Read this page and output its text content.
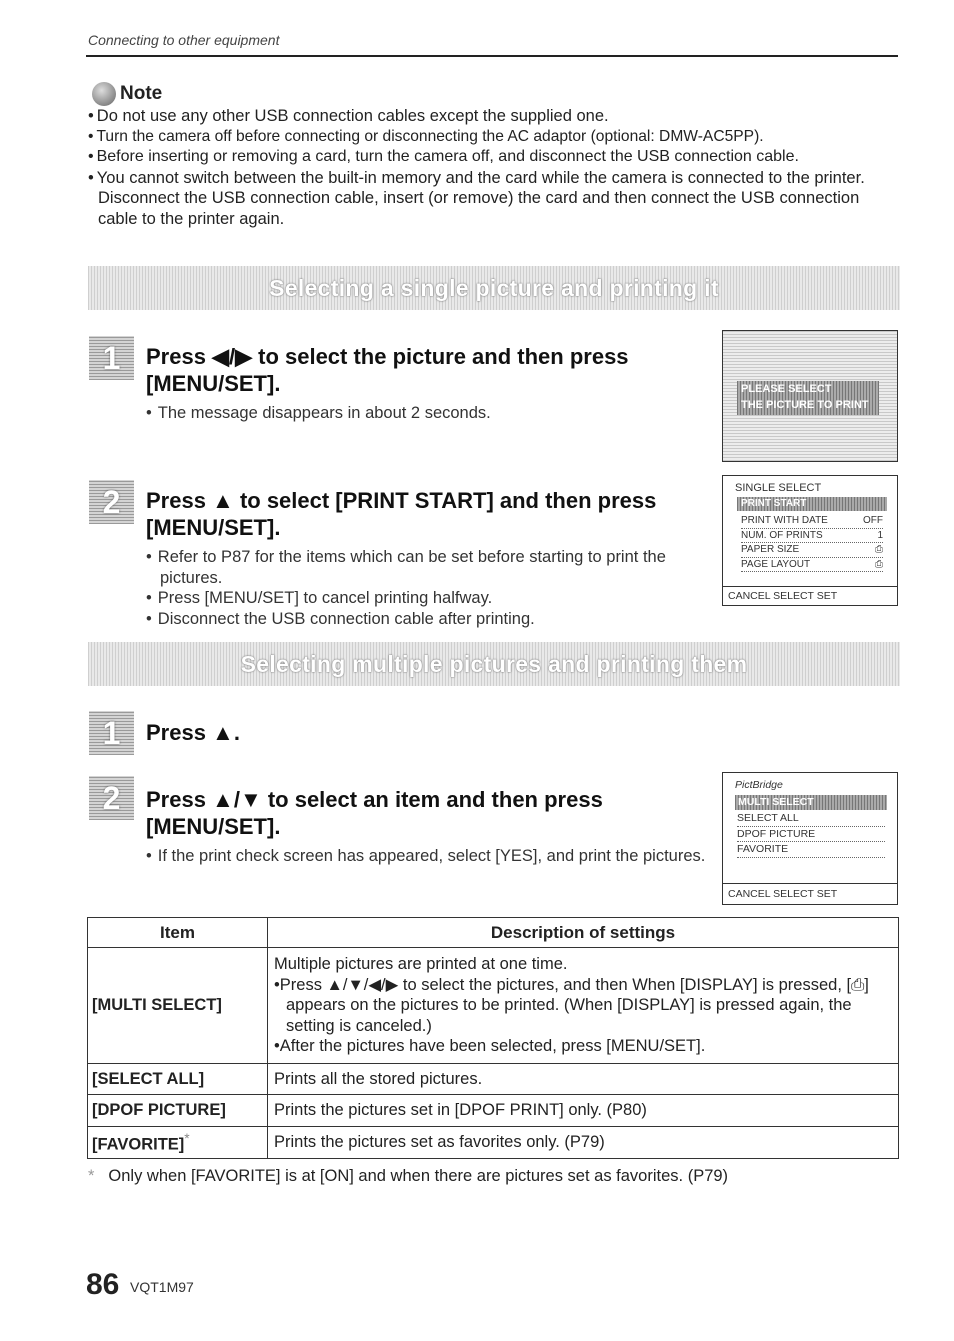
Connecting to other equipment
Note
• Do not use any other USB connection cables except the supplied one.
• Turn the camera off before connecting or disconnecting the AC adaptor (optional: DMW-AC5PP).
• Before inserting or removing a card, turn the camera off, and disconnect the USB connection cable.
• You cannot switch between the built-in memory and the card while the camera is connected to the printer. Disconnect the USB connection cable, insert (or remove) the card and then connect the USB connection cable to the printer again.
Selecting a single picture and printing it
1	Press ◀/▶ to select the picture and then press [MENU/SET].
• The message disappears in about 2 seconds.
PLEASE SELECT
THE PICTURE TO PRINT
2	Press ▲ to select [PRINT START] and then press [MENU/SET].
• Refer to P87 for the items which can be set before starting to print the pictures.
• Press [MENU/SET] to cancel printing halfway.
• Disconnect the USB connection cable after printing.
SINGLE SELECT
PRINT START
PRINT WITH DATE	OFF
NUM. OF PRINTS	1
PAPER SIZE	⎙
PAGE LAYOUT	⎙
CANCEL SELECT SET
Selecting multiple pictures and printing them
1	Press ▲.
2	Press ▲/▼ to select an item and then press [MENU/SET].
• If the print check screen has appeared, select [YES], and print the pictures.
PictBridge
MULTI SELECT
SELECT ALL
DPOF PICTURE
FAVORITE
CANCEL SELECT SET
Item	Description of settings
[MULTI SELECT]	Multiple pictures are printed at one time.
•Press ▲/▼/◀/▶ to select the pictures, and then When [DISPLAY] is pressed, [⎙] appears on the pictures to be printed. (When [DISPLAY] is pressed again, the setting is canceled.)
•After the pictures have been selected, press [MENU/SET].

[SELECT ALL]	Prints all the stored pictures.
[DPOF PICTURE]	Prints the pictures set in [DPOF PRINT] only. (P80)
[FAVORITE]*	Prints the pictures set as favorites only. (P79)
* Only when [FAVORITE] is at [ON] and when there are pictures set as favorites. (P79)
86 VQT1M97
